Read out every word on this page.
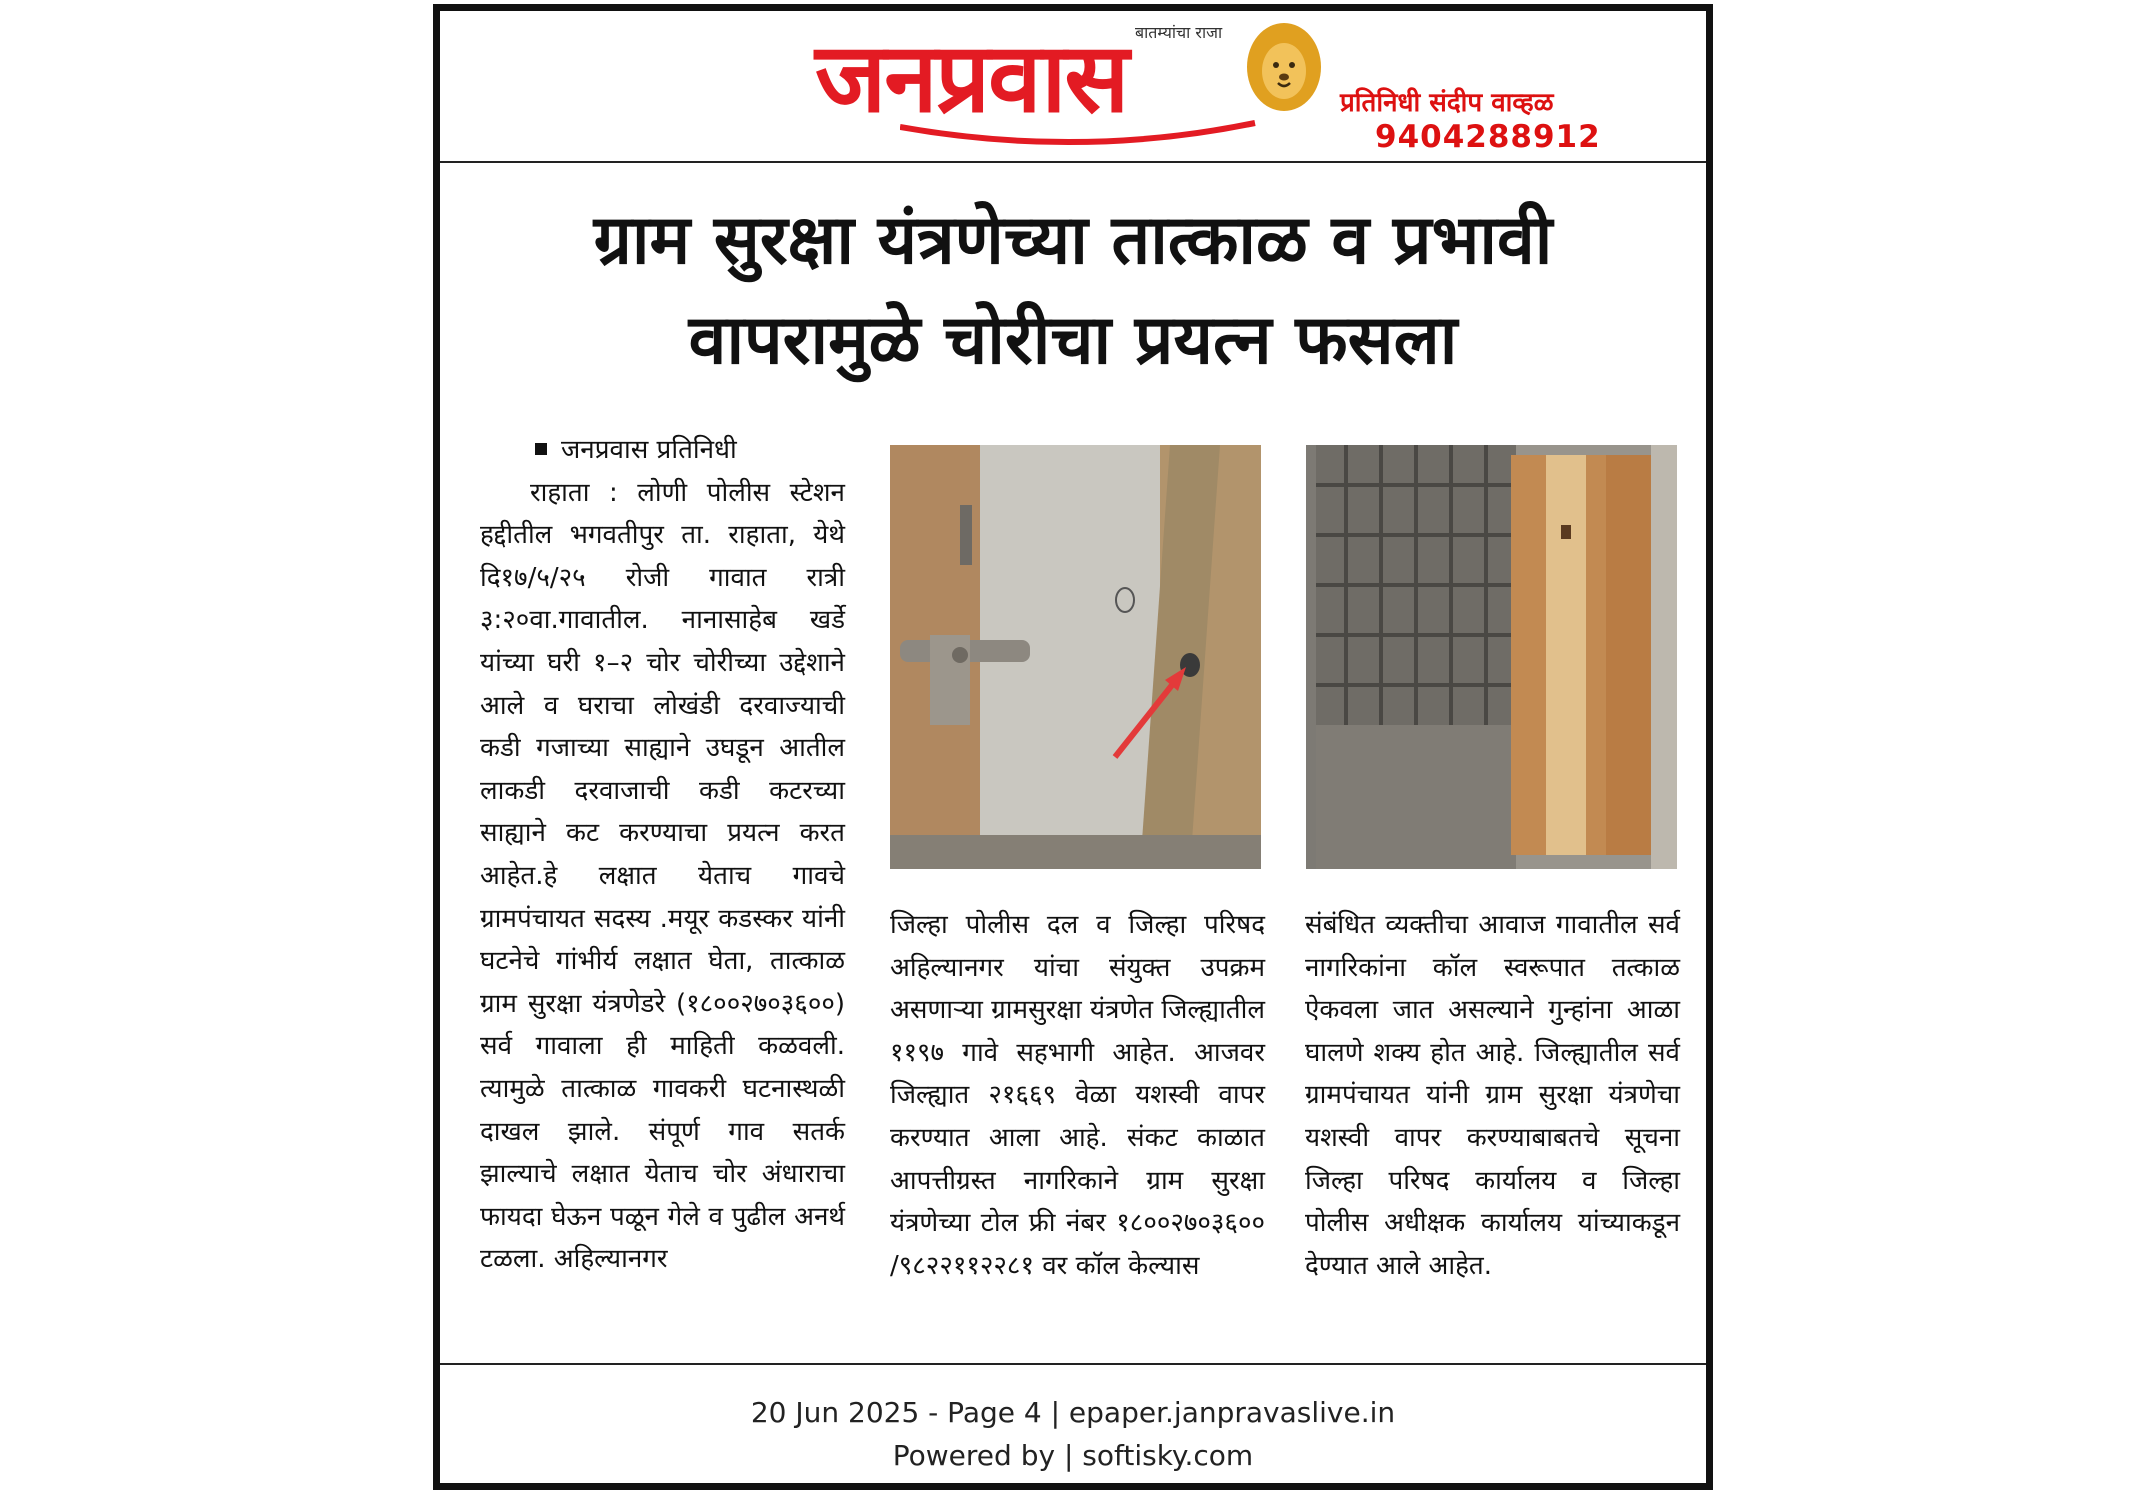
बातम्यांचा राजा
जनप्रवास	प्रतिनिधी संदीप वाव्हळ
9404288912
ग्राम सुरक्षा यंत्रणेच्या तात्काळ व प्रभावी
वापरामुळे चोरीचा प्रयत्न फसला
जनप्रवास प्रतिनिधी

राहाता : लोणी पोलीस स्टेशन हद्दीतील भगवतीपुर ता. राहाता, येथे दि१७/५/२५ रोजी गावात रात्री ३:२०वा.गावातील. नानासाहेब खर्डे यांच्या घरी १–२ चोर चोरीच्या उद्देशाने आले व घराचा लोखंडी दरवाज्याची कडी गजाच्या साह्याने उघडून आतील लाकडी दरवाजाची कडी कटरच्या साह्याने कट करण्याचा प्रयत्न करत आहेत.हे लक्षात येताच गावचे ग्रामपंचायत सदस्य .मयूर कडस्कर यांनी घटनेचे गांभीर्य लक्षात घेता, तात्काळ ग्राम सुरक्षा यंत्रणेडरे (१८००२७०३६००) सर्व गावाला ही माहिती कळवली. त्यामुळे तात्काळ गावकरी घटनास्थळी दाखल झाले. संपूर्ण गाव सतर्क झाल्याचे लक्षात येताच चोर अंधाराचा फायदा घेऊन पळून गेले व पुढील अनर्थ टळला. अहिल्यानगर

जिल्हा पोलीस दल व जिल्हा परिषद अहिल्यानगर यांचा संयुक्त उपक्रम असणाऱ्या ग्रामसुरक्षा यंत्रणेत जिल्ह्यातील ११९७ गावे सहभागी आहेत. आजवर जिल्ह्यात २१६६९ वेळा यशस्वी वापर करण्यात आला आहे. संकट काळात आपत्तीग्रस्त नागरिकाने ग्राम सुरक्षा यंत्रणेच्या टोल फ्री नंबर १८००२७०३६०० /९८२२११२२८१ वर कॉल केल्यास

संबंधित व्यक्तीचा आवाज गावातील सर्व नागरिकांना कॉल स्वरूपात तत्काळ ऐकवला जात असल्याने गुन्हांना आळा घालणे शक्य होत आहे. जिल्ह्यातील सर्व ग्रामपंचायत यांनी ग्राम सुरक्षा यंत्रणेचा यशस्वी वापर करण्याबाबतचे सूचना जिल्हा परिषद कार्यालय व जिल्हा पोलीस अधीक्षक कार्यालय यांच्याकडून देण्यात आले आहेत.

20 Jun 2025 - Page 4 | epaper.janpravaslive.in
Powered by | softisky.com
